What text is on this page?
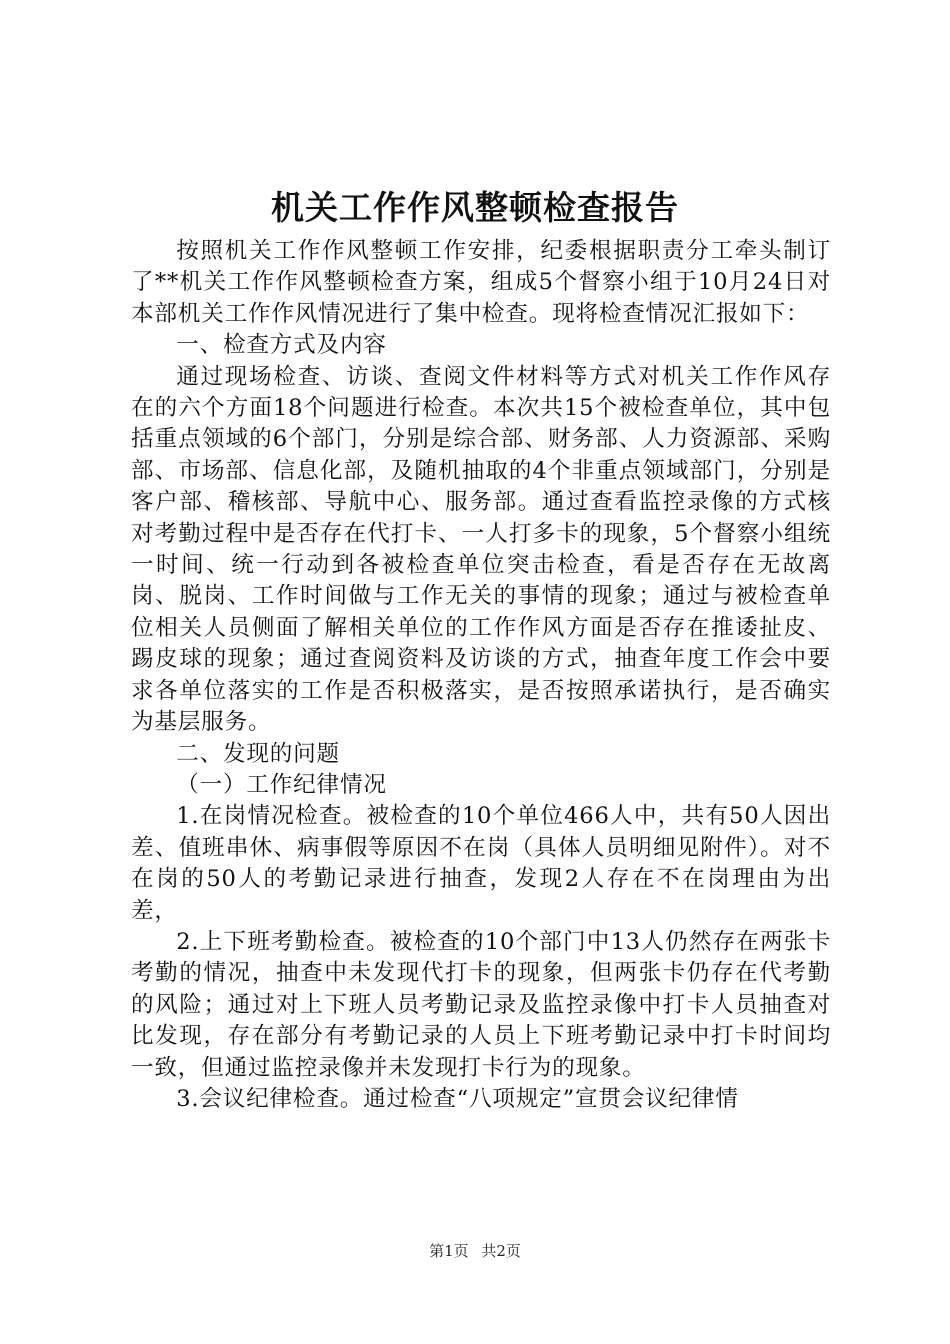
机关工作作风整顿检查报告

按照机关工作作风整顿工作安排，纪委根据职责分工牵头制订了**机关工作作风整顿检查方案，组成5个督察小组于10月24日对本部机关工作作风情况进行了集中检查。现将检查情况汇报如下：

一、检查方式及内容

通过现场检查、访谈、查阅文件材料等方式对机关工作作风存在的六个方面18个问题进行检查。本次共15个被检查单位，其中包括重点领域的6个部门，分别是综合部、财务部、人力资源部、采购部、市场部、信息化部，及随机抽取的4个非重点领域部门，分别是客户部、稽核部、导航中心、服务部。通过查看监控录像的方式核对考勤过程中是否存在代打卡、一人打多卡的现象，5个督察小组统一时间、统一行动到各被检查单位突击检查，看是否存在无故离岗、脱岗、工作时间做与工作无关的事情的现象；通过与被检查单位相关人员侧面了解相关单位的工作作风方面是否存在推诿扯皮、踢皮球的现象；通过查阅资料及访谈的方式，抽查年度工作会中要求各单位落实的工作是否积极落实，是否按照承诺执行，是否确实为基层服务。

二、发现的问题

（一）工作纪律情况

1.在岗情况检查。被检查的10个单位466人中，共有50人因出差、值班串休、病事假等原因不在岗（具体人员明细见附件）。对不在岗的50人的考勤记录进行抽查，发现2人存在不在岗理由为出差，

2.上下班考勤检查。被检查的10个部门中13人仍然存在两张卡考勤的情况，抽查中未发现代打卡的现象，但两张卡仍存在代考勤的风险；通过对上下班人员考勤记录及监控录像中打卡人员抽查对比发现，存在部分有考勤记录的人员上下班考勤记录中打卡时间均一致，但通过监控录像并未发现打卡行为的现象。

3.会议纪律检查。通过检查“八项规定”宣贯会议纪律情

第1页 共2页
